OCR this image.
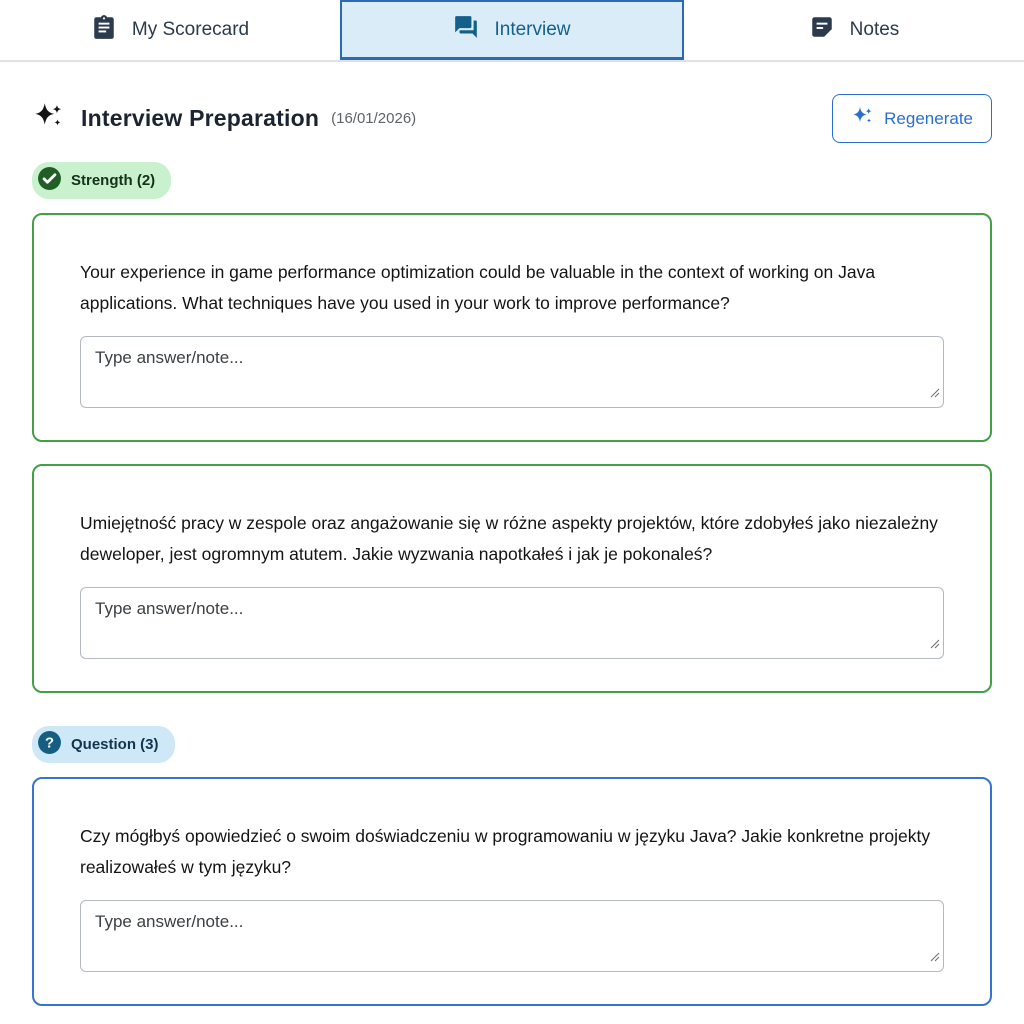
My Scorecard	Interview	Notes
Interview Preparation (16/01/2026)	Regenerate
Strength (2)
Your experience in game performance optimization could be valuable in the context of working on Java applications. What techniques have you used in your work to improve performance?
Type answer/note...
Umiejętność pracy w zespole oraz angażowanie się w różne aspekty projektów, które zdobyłeś jako niezależny deweloper, jest ogromnym atutem. Jakie wyzwania napotkałeś i jak je pokonaleś?
Type answer/note...
? Question (3)
Czy mógłbyś opowiedzieć o swoim doświadczeniu w programowaniu w języku Java? Jakie konkretne projekty realizowałeś w tym języku?
Type answer/note...
